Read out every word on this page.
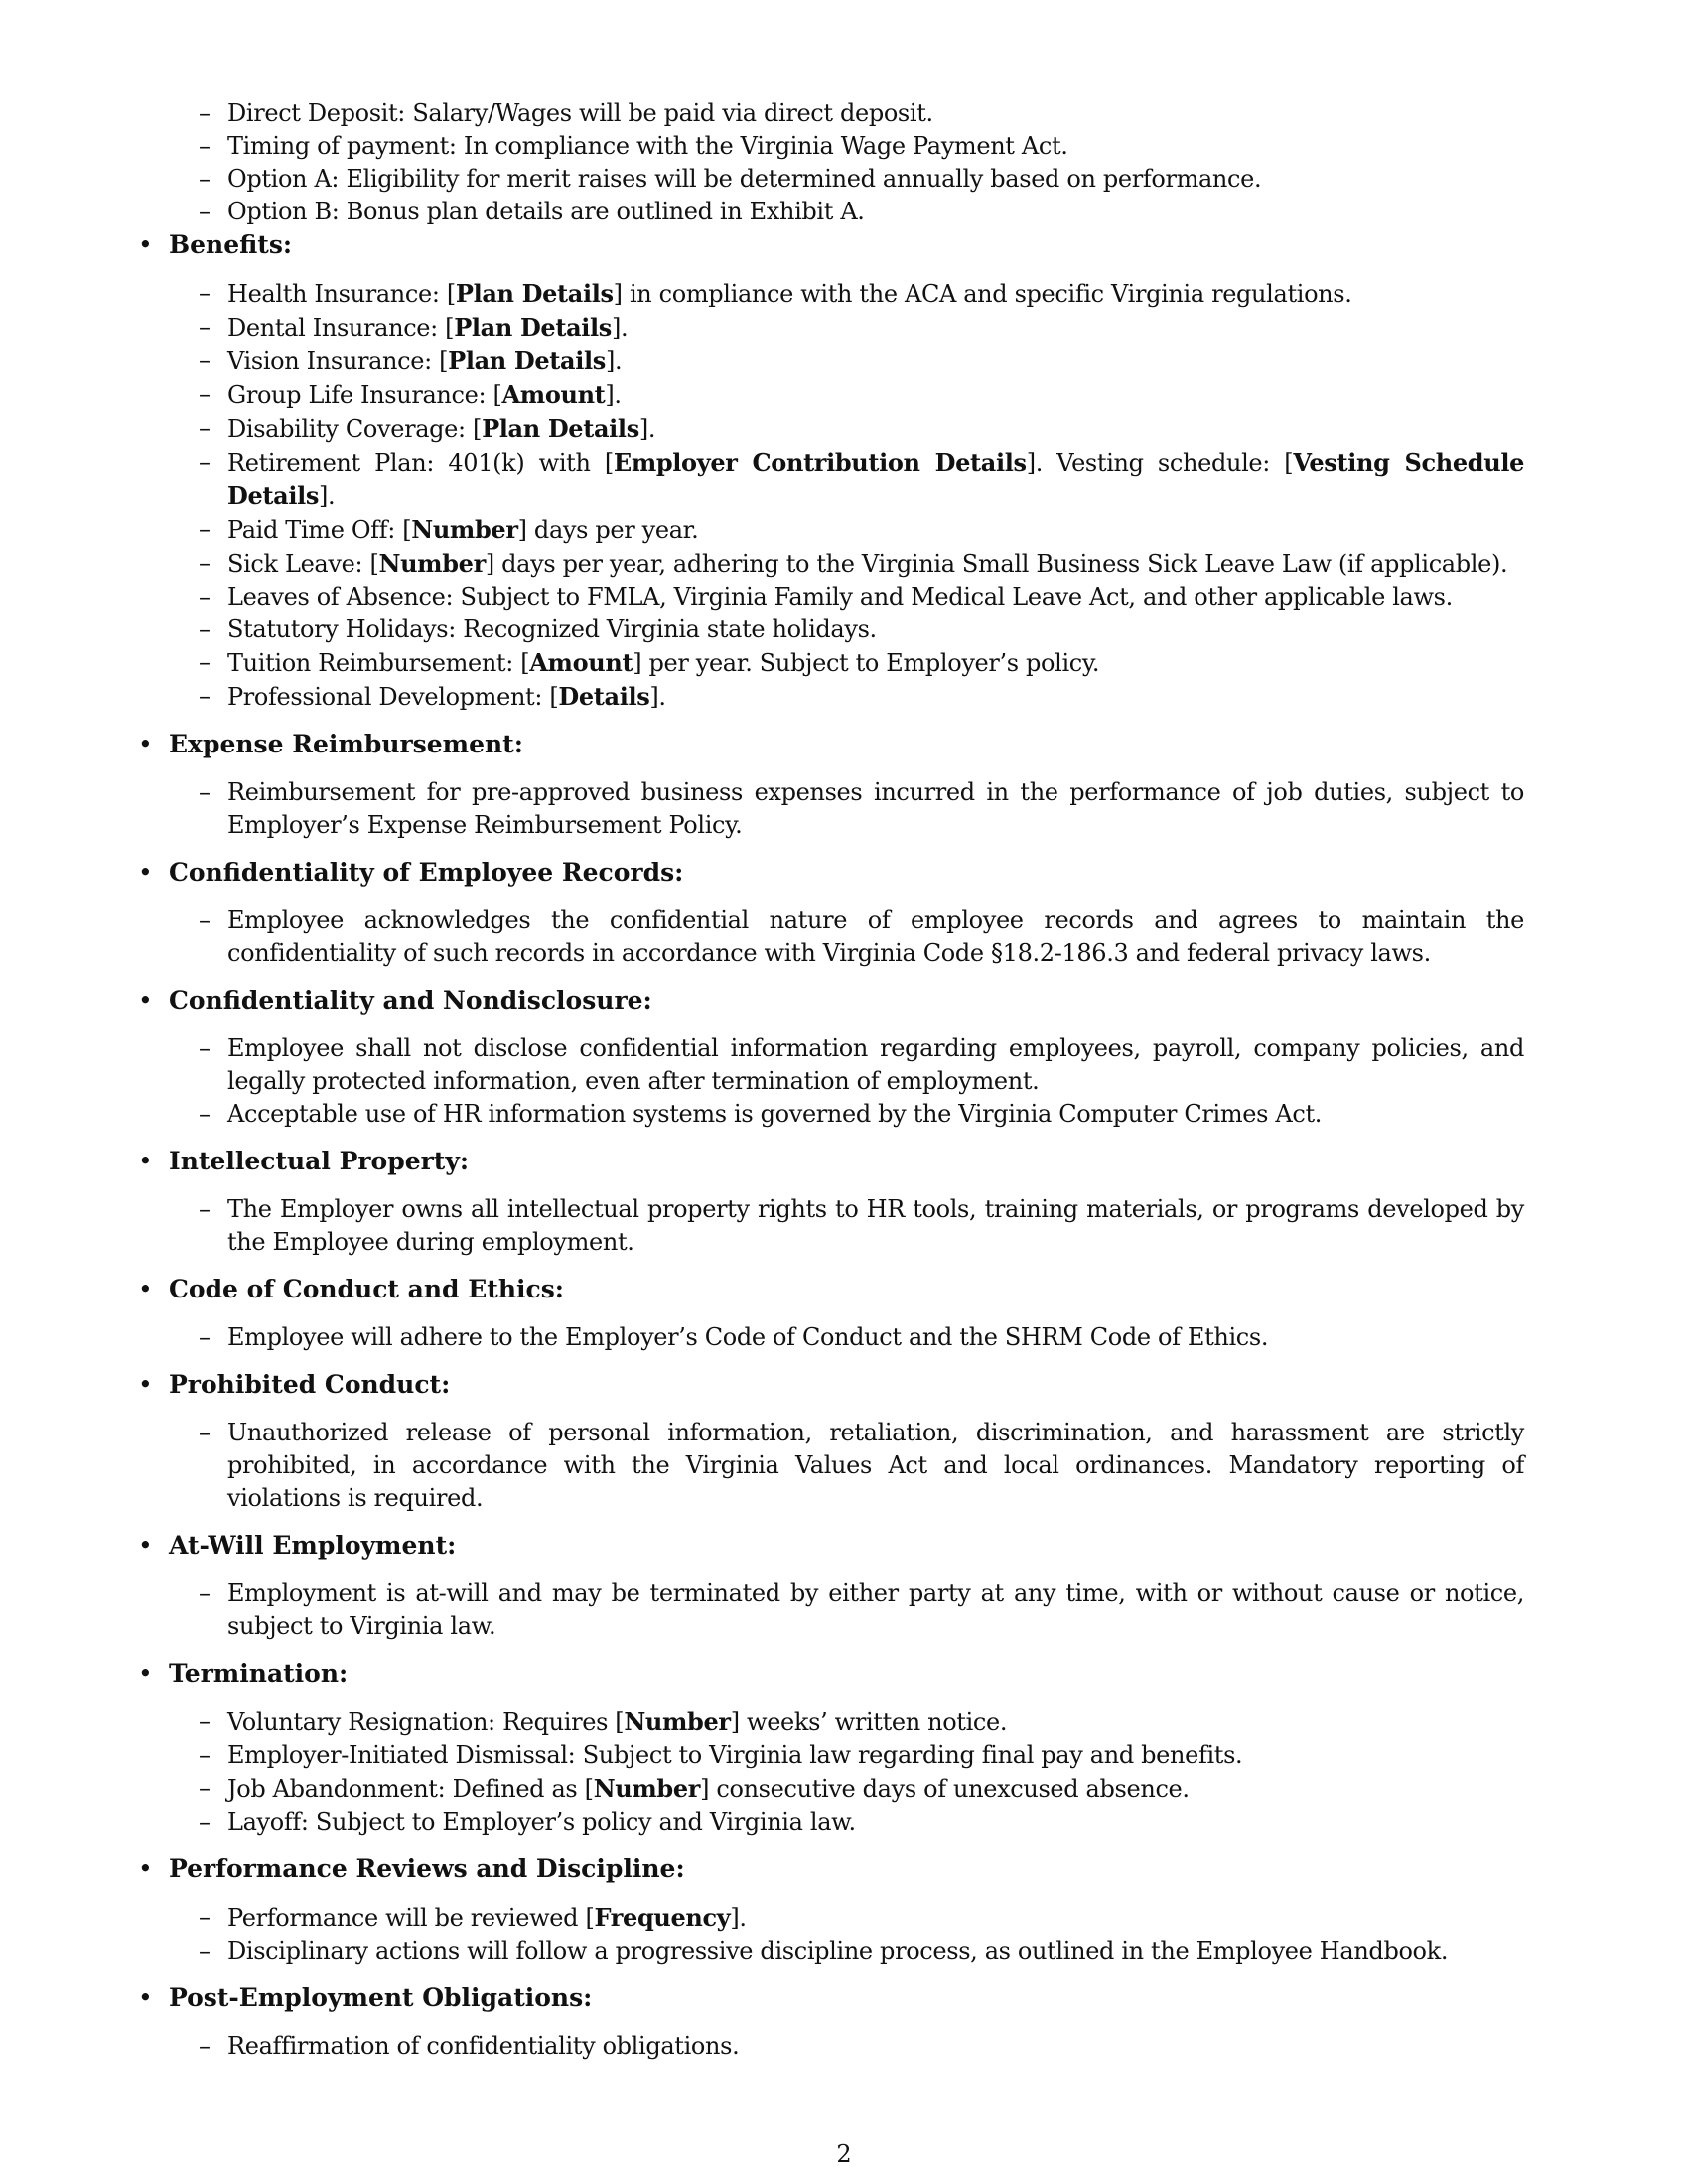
– Direct Deposit: Salary/Wages will be paid via direct deposit.
– Timing of payment: In compliance with the Virginia Wage Payment Act.
– Option A: Eligibility for merit raises will be determined annually based on performance.
– Option B: Bonus plan details are outlined in Exhibit A.
• Benefits:
– Health Insurance: [Plan Details] in compliance with the ACA and specific Virginia regulations.
– Dental Insurance: [Plan Details].
– Vision Insurance: [Plan Details].
– Group Life Insurance: [Amount].
– Disability Coverage: [Plan Details].
– Retirement Plan: 401(k) with [Employer Contribution Details]. Vesting schedule: [Vesting Schedule Details].
– Paid Time Off: [Number] days per year.
– Sick Leave: [Number] days per year, adhering to the Virginia Small Business Sick Leave Law (if applicable).
– Leaves of Absence: Subject to FMLA, Virginia Family and Medical Leave Act, and other applicable laws.
– Statutory Holidays: Recognized Virginia state holidays.
– Tuition Reimbursement: [Amount] per year. Subject to Employer’s policy.
– Professional Development: [Details].
• Expense Reimbursement:
– Reimbursement for pre-approved business expenses incurred in the performance of job duties, subject to Employer’s Expense Reimbursement Policy.
• Confidentiality of Employee Records:
– Employee acknowledges the confidential nature of employee records and agrees to maintain the confidentiality of such records in accordance with Virginia Code §18.2-186.3 and federal privacy laws.
• Confidentiality and Nondisclosure:
– Employee shall not disclose confidential information regarding employees, payroll, company policies, and legally protected information, even after termination of employment.
– Acceptable use of HR information systems is governed by the Virginia Computer Crimes Act.
• Intellectual Property:
– The Employer owns all intellectual property rights to HR tools, training materials, or programs developed by the Employee during employment.
• Code of Conduct and Ethics:
– Employee will adhere to the Employer’s Code of Conduct and the SHRM Code of Ethics.
• Prohibited Conduct:
– Unauthorized release of personal information, retaliation, discrimination, and harassment are strictly prohibited, in accordance with the Virginia Values Act and local ordinances. Mandatory reporting of violations is required.
• At-Will Employment:
– Employment is at-will and may be terminated by either party at any time, with or without cause or notice, subject to Virginia law.
• Termination:
– Voluntary Resignation: Requires [Number] weeks’ written notice.
– Employer-Initiated Dismissal: Subject to Virginia law regarding final pay and benefits.
– Job Abandonment: Defined as [Number] consecutive days of unexcused absence.
– Layoff: Subject to Employer’s policy and Virginia law.
• Performance Reviews and Discipline:
– Performance will be reviewed [Frequency].
– Disciplinary actions will follow a progressive discipline process, as outlined in the Employee Handbook.
• Post-Employment Obligations:
– Reaffirmation of confidentiality obligations.
2
